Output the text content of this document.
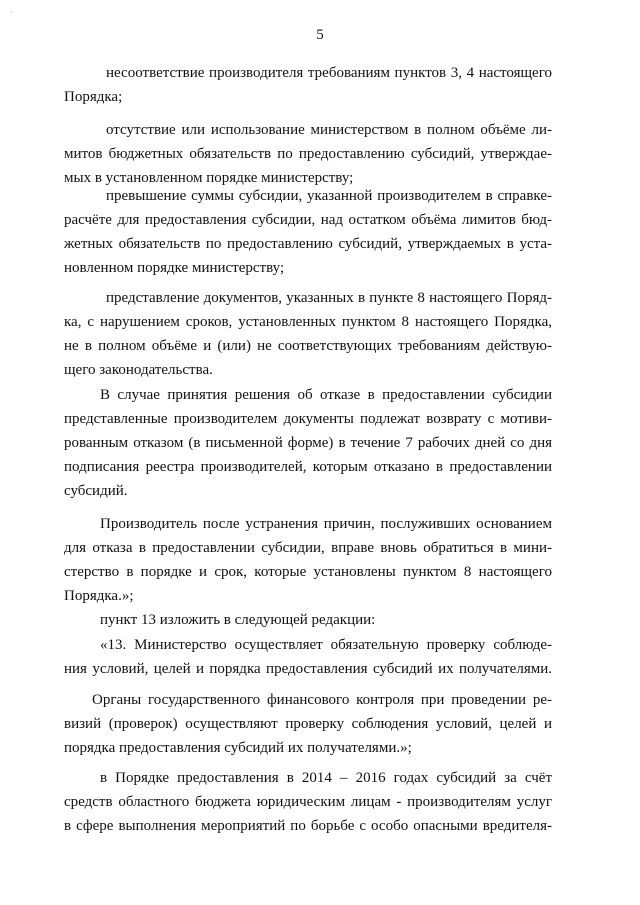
·
5
несоответствие производителя требованиям пунктов 3, 4 настоящего
Порядка;
отсутствие или использование министерством в полном объёме ли-
митов бюджетных обязательств по предоставлению субсидий, утверждае-
мых в установленном порядке министерству;
превышение суммы субсидии, указанной производителем в справке-
расчёте для предоставления субсидии, над остатком объёма лимитов бюд-
жетных обязательств по предоставлению субсидий, утверждаемых в уста-
новленном порядке министерству;
представление документов, указанных в пункте 8 настоящего Поряд-
ка, с нарушением сроков, установленных пунктом 8 настоящего Порядка,
не в полном объёме и (или) не соответствующих требованиям действую-
щего законодательства.
В случае принятия решения об отказе в предоставлении субсидии
представленные производителем документы подлежат возврату с мотиви-
рованным отказом (в письменной форме) в течение 7 рабочих дней со дня
подписания реестра производителей, которым отказано в предоставлении
субсидий.
Производитель после устранения причин, послуживших основанием
для отказа в предоставлении субсидии, вправе вновь обратиться в мини-
стерство в порядке и срок, которые установлены пунктом 8 настоящего
Порядка.»;
пункт 13 изложить в следующей редакции:
«13. Министерство осуществляет обязательную проверку соблюде-
ния условий, целей и порядка предоставления субсидий их получателями.
Органы государственного финансового контроля при проведении ре-
визий (проверок) осуществляют проверку соблюдения условий, целей и
порядка предоставления субсидий их получателями.»;
в Порядке предоставления в 2014 – 2016 годах субсидий за счёт
средств областного бюджета юридическим лицам - производителям услуг
в сфере выполнения мероприятий по борьбе с особо опасными вредителя-
